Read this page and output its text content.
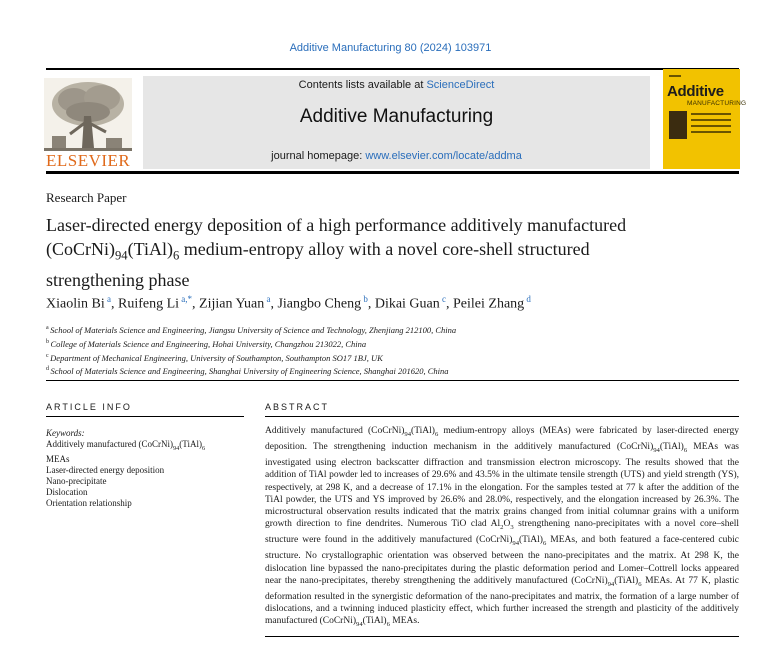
Additive Manufacturing 80 (2024) 103971
ELSEVIER
Contents lists available at ScienceDirect
Additive Manufacturing
journal homepage: www.elsevier.com/locate/addma
Additive
MANUFACTURING
Research Paper
Laser-directed energy deposition of a high performance additively manufactured $(CoCrNi)_{94}(TiAl)_6$ medium-entropy alloy with a novel core-shell structured strengthening phase
Xiaolin Bi $^a$, Ruifeng Li $^{a,*}$, Zijian Yuan $^a$, Jiangbo Cheng $^b$, Dikai Guan $^c$, Peilei Zhang $^d$
$^a$ School of Materials Science and Engineering, Jiangsu University of Science and Technology, Zhenjiang 212100, China
$^b$ College of Materials Science and Engineering, Hohai University, Changzhou 213022, China
$^c$ Department of Mechanical Engineering, University of Southampton, Southampton SO17 1BJ, UK
$^d$ School of Materials Science and Engineering, Shanghai University of Engineering Science, Shanghai 201620, China
ARTICLE INFO
Keywords:
Additively manufactured $(CoCrNi)_{94}(TiAl)_6$
MEAs
Laser-directed energy deposition
Nano-precipitate
Dislocation
Orientation relationship
ABSTRACT
Additively manufactured $(CoCrNi)_{94}(TiAl)_6$ medium-entropy alloys (MEAs) were fabricated by laser-directed energy deposition. The strengthening induction mechanism in the additively manufactured $(CoCrNi)_{94}(TiAl)_6$ MEAs was investigated using electron backscatter diffraction and transmission electron microscopy. The results showed that the addition of TiAl powder led to increases of 29.6% and 43.5% in the ultimate tensile strength (UTS) and yield strength (YS), respectively, at 298 K, and a decrease of 17.1% in the elongation. For the samples tested at 77 k after the addition of the TiAl powder, the UTS and YS improved by 26.6% and 28.0%, respectively, and the elongation increased by 26.3%. The microstructural observation results indicated that the matrix grains changed from initial columnar grains with a uniform growth direction to fine dendrites. Numerous TiO clad $Al_2O_3$ strengthening nano-precipitates with a novel core–shell structure were found in the additively manufactured $(CoCrNi)_{94}(TiAl)_6$ MEAs, and both featured a face-centered cubic structure. No crystallographic orientation was observed between the nano-precipitates and the matrix. At 298 K, the dislocation line bypassed the nano-precipitates during the plastic deformation period and Lomer–Cottrell locks appeared near the nano-precipitates, thereby strengthening the additively manufactured $(CoCrNi)_{94}(TiAl)_6$ MEAs. At 77 K, plastic deformation resulted in the synergistic deformation of the nano-precipitates and matrix, the formation of a large number of dislocations, and a twinning induced plasticity effect, which further increased the strength and plasticity of the additively manufactured $(CoCrNi)_{94}(TiAl)_6$ MEAs.
